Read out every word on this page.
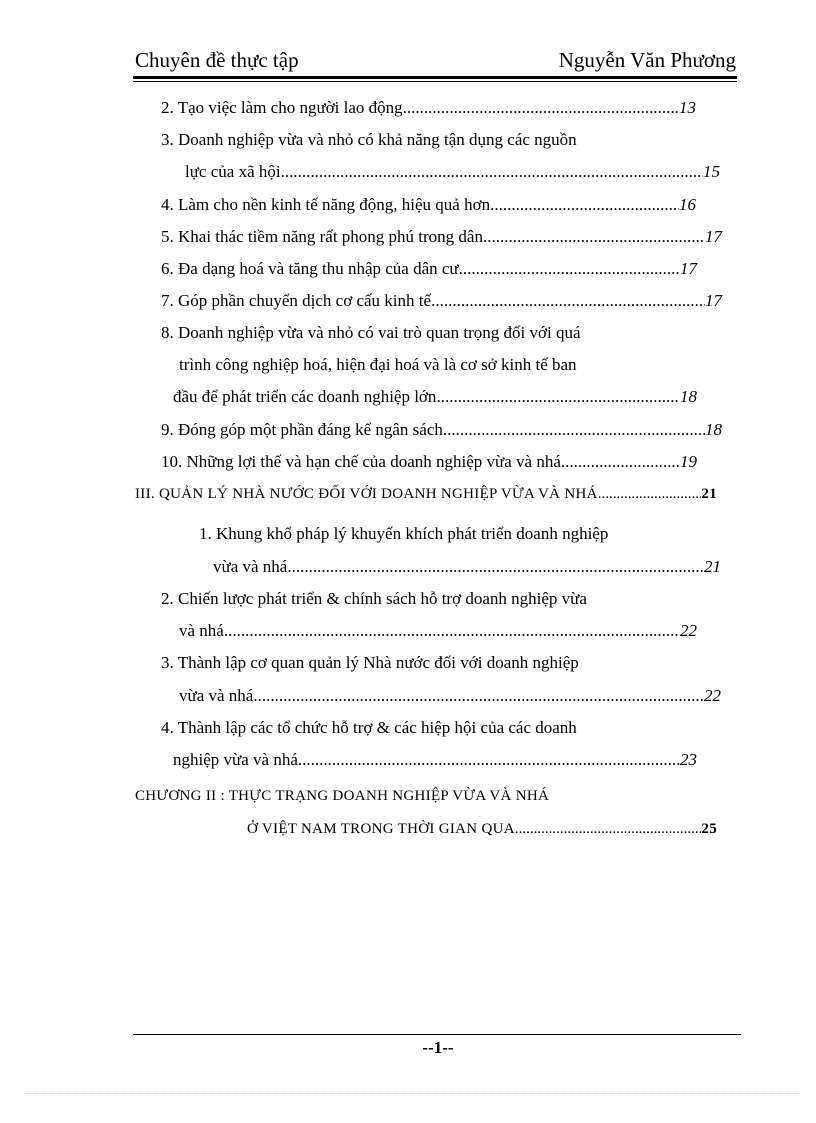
Chuyên đề thực tập	Nguyễn Văn Phương
2. Tạo việc làm cho người lao động .....	13
3. Doanh nghiệp vừa và nhỏ có khả năng tận dụng các nguồn
lực của xã hội .....	15
4. Làm cho nền kinh tế năng động, hiệu quả hơn .....	16
5. Khai thác tiềm năng rất phong phú trong dân .....	17
6. Đa dạng hoá và tăng thu nhập của dân cư .....	17
7. Góp phần chuyển dịch cơ cấu kinh tế .....	17
8. Doanh nghiệp vừa và nhỏ có vai trò quan trọng đối với quá
trình công nghiệp hoá, hiện đại hoá và là cơ sở kinh tế ban
đầu để phát triển các doanh nghiệp lớn .....	18
9. Đóng góp một phần đáng kể ngân sách .....	18
10. Những lợi thế và hạn chế của doanh nghiệp vừa và nhá .....	19
III. QUẢN LÝ NHÀ NƯỚC ĐỐI VỚI DOANH NGHIỆP VỪA VÀ NHÁ .....	21
1. Khung khổ pháp lý khuyến khích phát triển doanh nghiệp
vừa và nhá .....	21
2. Chiến lược phát triển & chính sách hỗ trợ doanh nghiệp vừa
và nhá .....	22
3. Thành lập cơ quan quản lý Nhà nước đối với doanh nghiệp
vừa và nhá .....	22
4. Thành lập các tổ chức hỗ trợ & các hiệp hội của các doanh
nghiệp vừa và nhá .....	23
CHƯƠNG II : THỰC TRẠNG DOANH NGHIỆP VỪA VÀ NHÁ
Ở VIỆT NAM TRONG THỜI GIAN QUA .....	25
--1--
